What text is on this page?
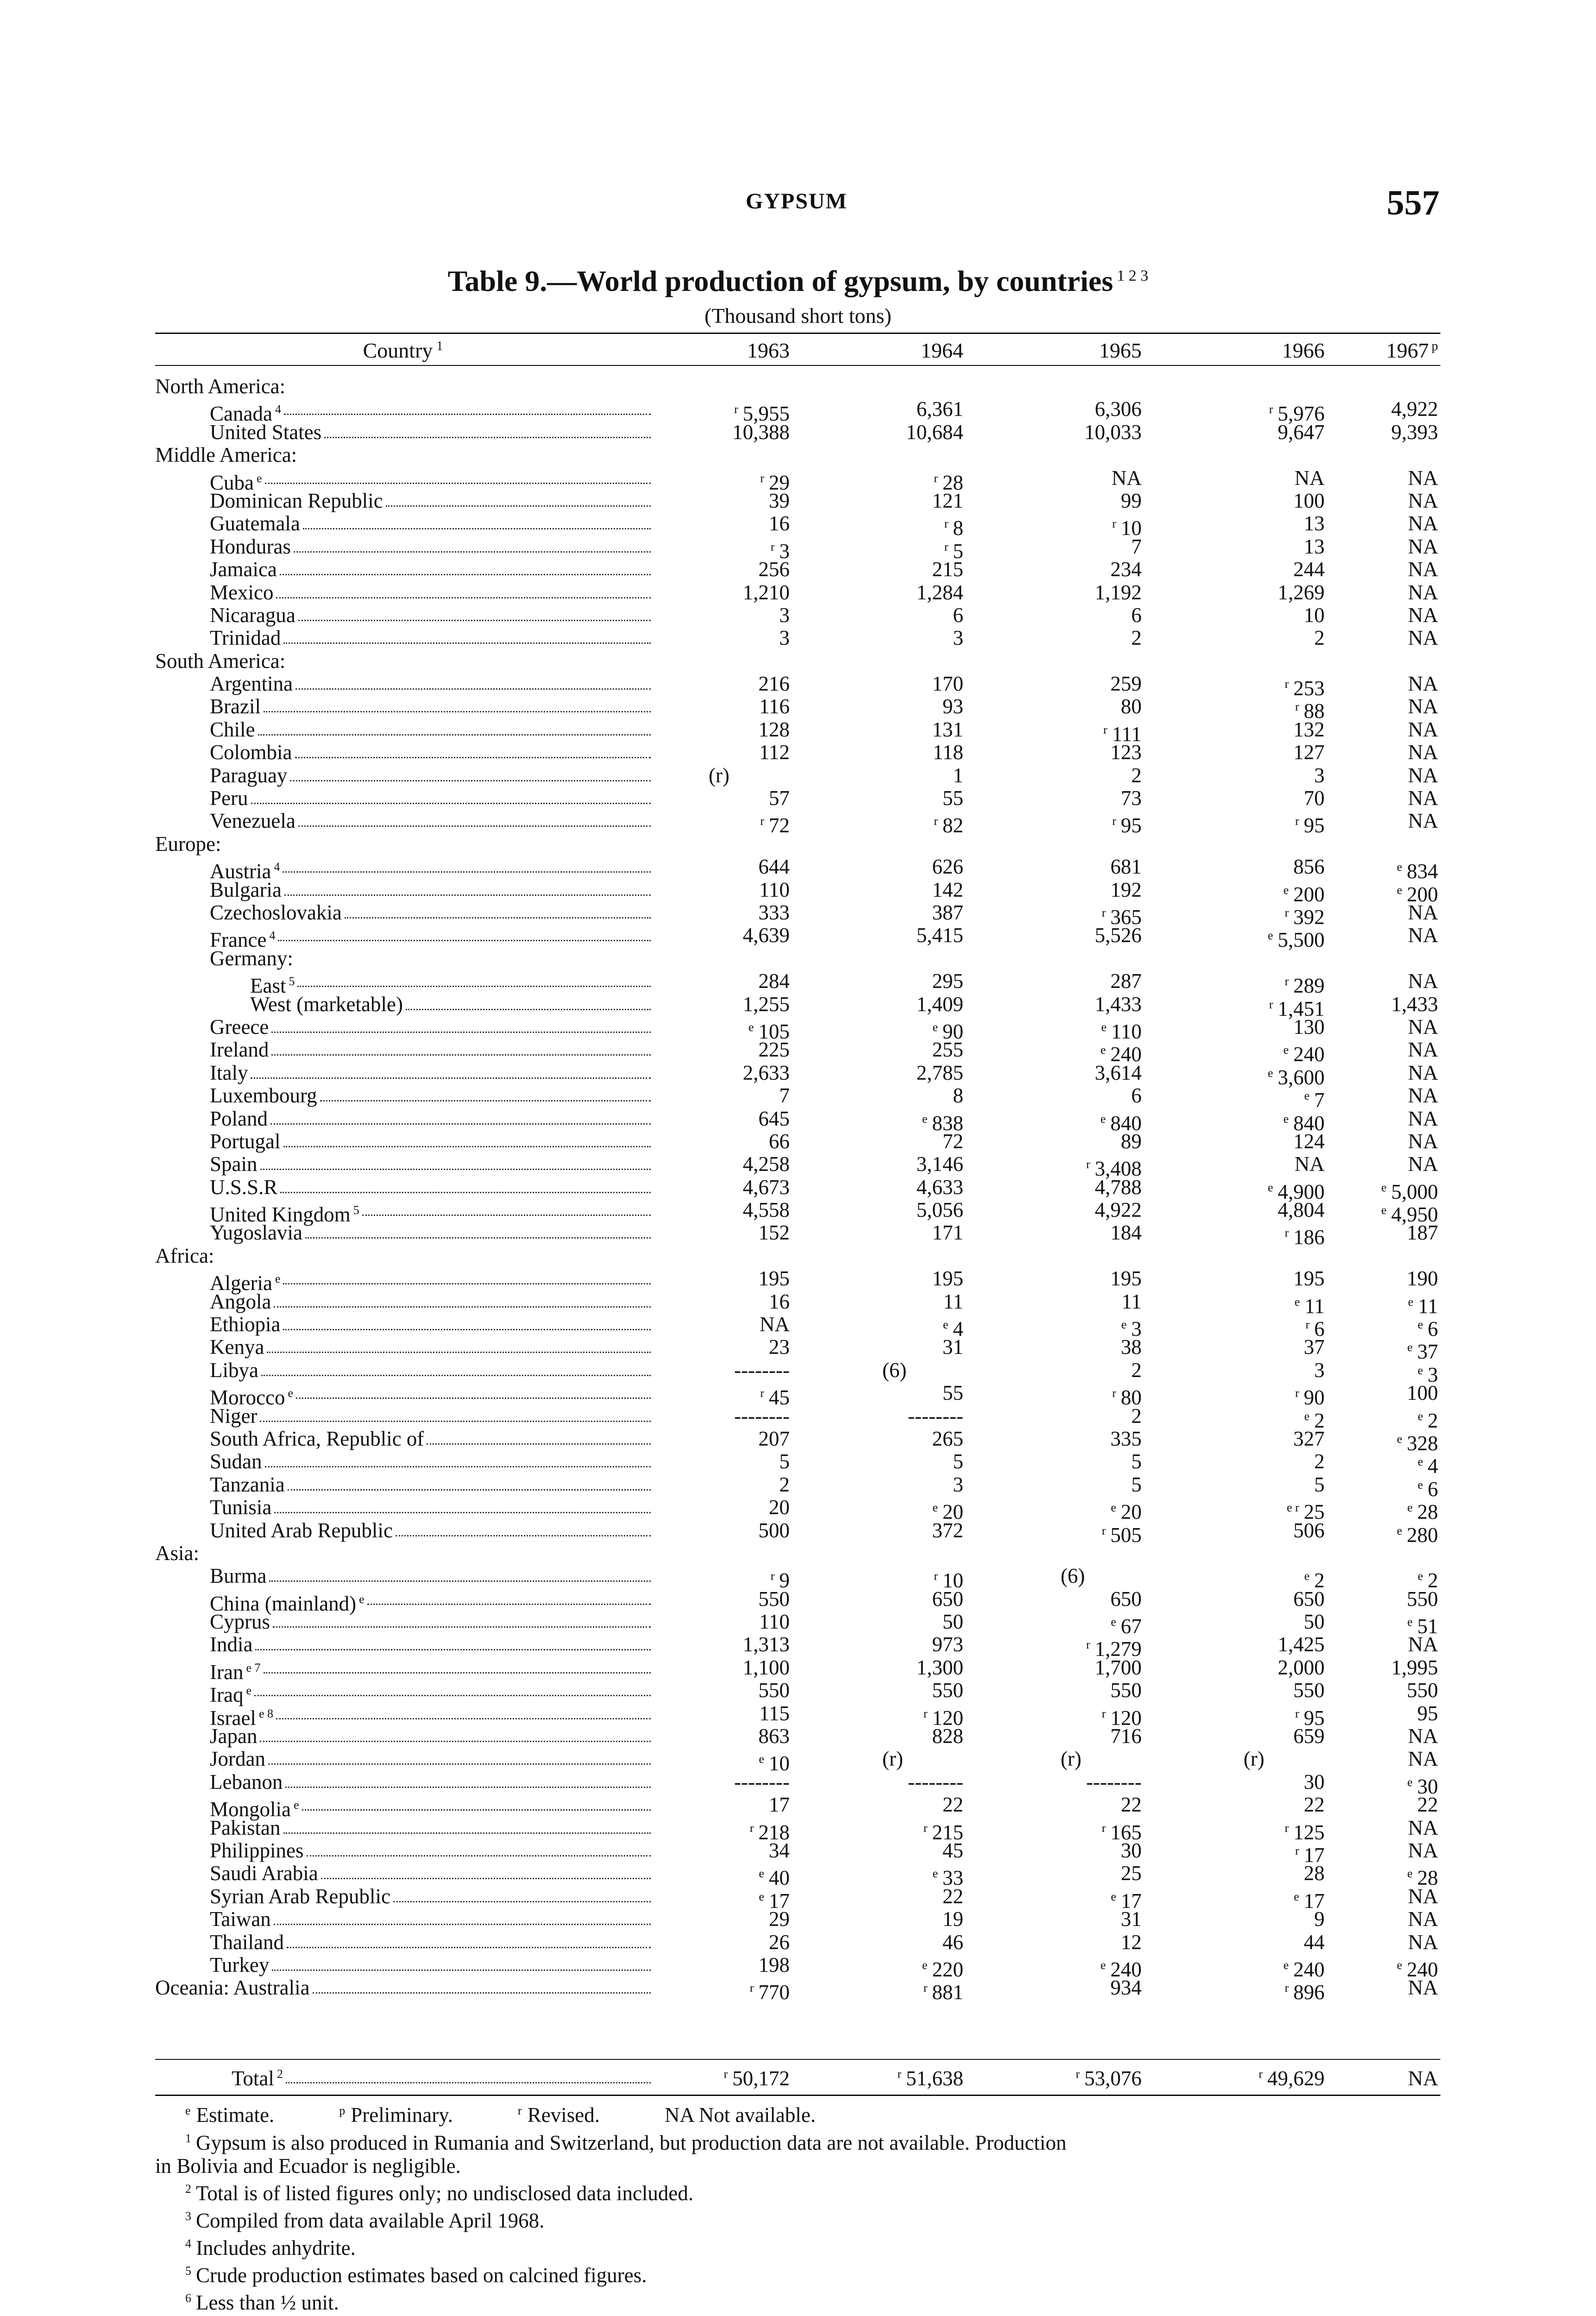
GYPSUM	557
Table 9.—World production of gypsum, by countries $^{1 2 3}$
(Thousand short tons)
Country $^1$	1963	1964	1965	1966	1967 $^p$
North America:
Canada $^4$	$^r$ 5,955	6,361	6,306	$^r$ 5,976	4,922
United States	10,388	10,684	10,033	9,647	9,393
Middle America:
Cuba $^e$	$^r$ 29	$^r$ 28	NA	NA	NA
Dominican Republic	39	121	99	100	NA
Guatemala	16	$^r$ 8	$^r$ 10	13	NA
Honduras	$^r$ 3	$^r$ 5	7	13	NA
Jamaica	256	215	234	244	NA
Mexico	1,210	1,284	1,192	1,269	NA
Nicaragua	3	6	6	10	NA
Trinidad	3	3	2	2	NA
South America:
Argentina	216	170	259	$^r$ 253	NA
Brazil	116	93	80	$^r$ 88	NA
Chile	128	131	$^r$ 111	132	NA
Colombia	112	118	123	127	NA
Paraguay	(r)	1	2	3	NA
Peru	57	55	73	70	NA
Venezuela	$^r$ 72	$^r$ 82	$^r$ 95	$^r$ 95	NA
Europe:
Austria $^4$	644	626	681	856	$^e$ 834
Bulgaria	110	142	192	$^e$ 200	$^e$ 200
Czechoslovakia	333	387	$^r$ 365	$^r$ 392	NA
France $^4$	4,639	5,415	5,526	$^e$ 5,500	NA
Germany:
East $^5$	284	295	287	$^r$ 289	NA
West (marketable)	1,255	1,409	1,433	$^r$ 1,451	1,433
Greece	$^e$ 105	$^e$ 90	$^e$ 110	130	NA
Ireland	225	255	$^e$ 240	$^e$ 240	NA
Italy	2,633	2,785	3,614	$^e$ 3,600	NA
Luxembourg	7	8	6	$^e$ 7	NA
Poland	645	$^e$ 838	$^e$ 840	$^e$ 840	NA
Portugal	66	72	89	124	NA
Spain	4,258	3,146	$^r$ 3,408	NA	NA
U.S.S.R	4,673	4,633	4,788	$^e$ 4,900	$^e$ 5,000
United Kingdom $^5$	4,558	5,056	4,922	4,804	$^e$ 4,950
Yugoslavia	152	171	184	$^r$ 186	187
Africa:
Algeria $^e$	195	195	195	195	190
Angola	16	11	11	$^e$ 11	$^e$ 11
Ethiopia	NA	$^e$ 4	$^e$ 3	$^r$ 6	$^e$ 6
Kenya	23	31	38	37	$^e$ 37
Libya	--------	(6)	2	3	$^e$ 3
Morocco $^e$	$^r$ 45	55	$^r$ 80	$^r$ 90	100
Niger	--------	--------	2	$^e$ 2	$^e$ 2
South Africa, Republic of	207	265	335	327	$^e$ 328
Sudan	5	5	5	2	$^e$ 4
Tanzania	2	3	5	5	$^e$ 6
Tunisia	20	$^e$ 20	$^e$ 20	$^{e r}$ 25	$^e$ 28
United Arab Republic	500	372	$^r$ 505	506	$^e$ 280
Asia:
Burma	$^r$ 9	$^r$ 10	(6)	$^e$ 2	$^e$ 2
China (mainland) $^e$	550	650	650	650	550
Cyprus	110	50	$^e$ 67	50	$^e$ 51
India	1,313	973	$^r$ 1,279	1,425	NA
Iran $^{e 7}$	1,100	1,300	1,700	2,000	1,995
Iraq $^e$	550	550	550	550	550
Israel $^{e 8}$	115	$^r$ 120	$^r$ 120	$^r$ 95	95
Japan	863	828	716	659	NA
Jordan	$^e$ 10	(r)	(r)	(r)	NA
Lebanon	--------	--------	--------	30	$^e$ 30
Mongolia $^e$	17	22	22	22	22
Pakistan	$^r$ 218	$^r$ 215	$^r$ 165	$^r$ 125	NA
Philippines	34	45	30	$^r$ 17	NA
Saudi Arabia	$^e$ 40	$^e$ 33	25	28	$^e$ 28
Syrian Arab Republic	$^e$ 17	22	$^e$ 17	$^e$ 17	NA
Taiwan	29	19	31	9	NA
Thailand	26	46	12	44	NA
Turkey	198	$^e$ 220	$^e$ 240	$^e$ 240	$^e$ 240
Oceania: Australia	$^r$ 770	$^r$ 881	934	$^r$ 896	NA
Total $^2$	$^r$ 50,172	$^r$ 51,638	$^r$ 53,076	$^r$ 49,629	NA
$^e$ Estimate.	$^p$ Preliminary.	$^r$ Revised.	NA Not available.
$^1$ Gypsum is also produced in Rumania and Switzerland, but production data are not available. Production
in Bolivia and Ecuador is negligible.
$^2$ Total is of listed figures only; no undisclosed data included.
$^3$ Compiled from data available April 1968.
$^4$ Includes anhydrite.
$^5$ Crude production estimates based on calcined figures.
$^6$ Less than ½ unit.
